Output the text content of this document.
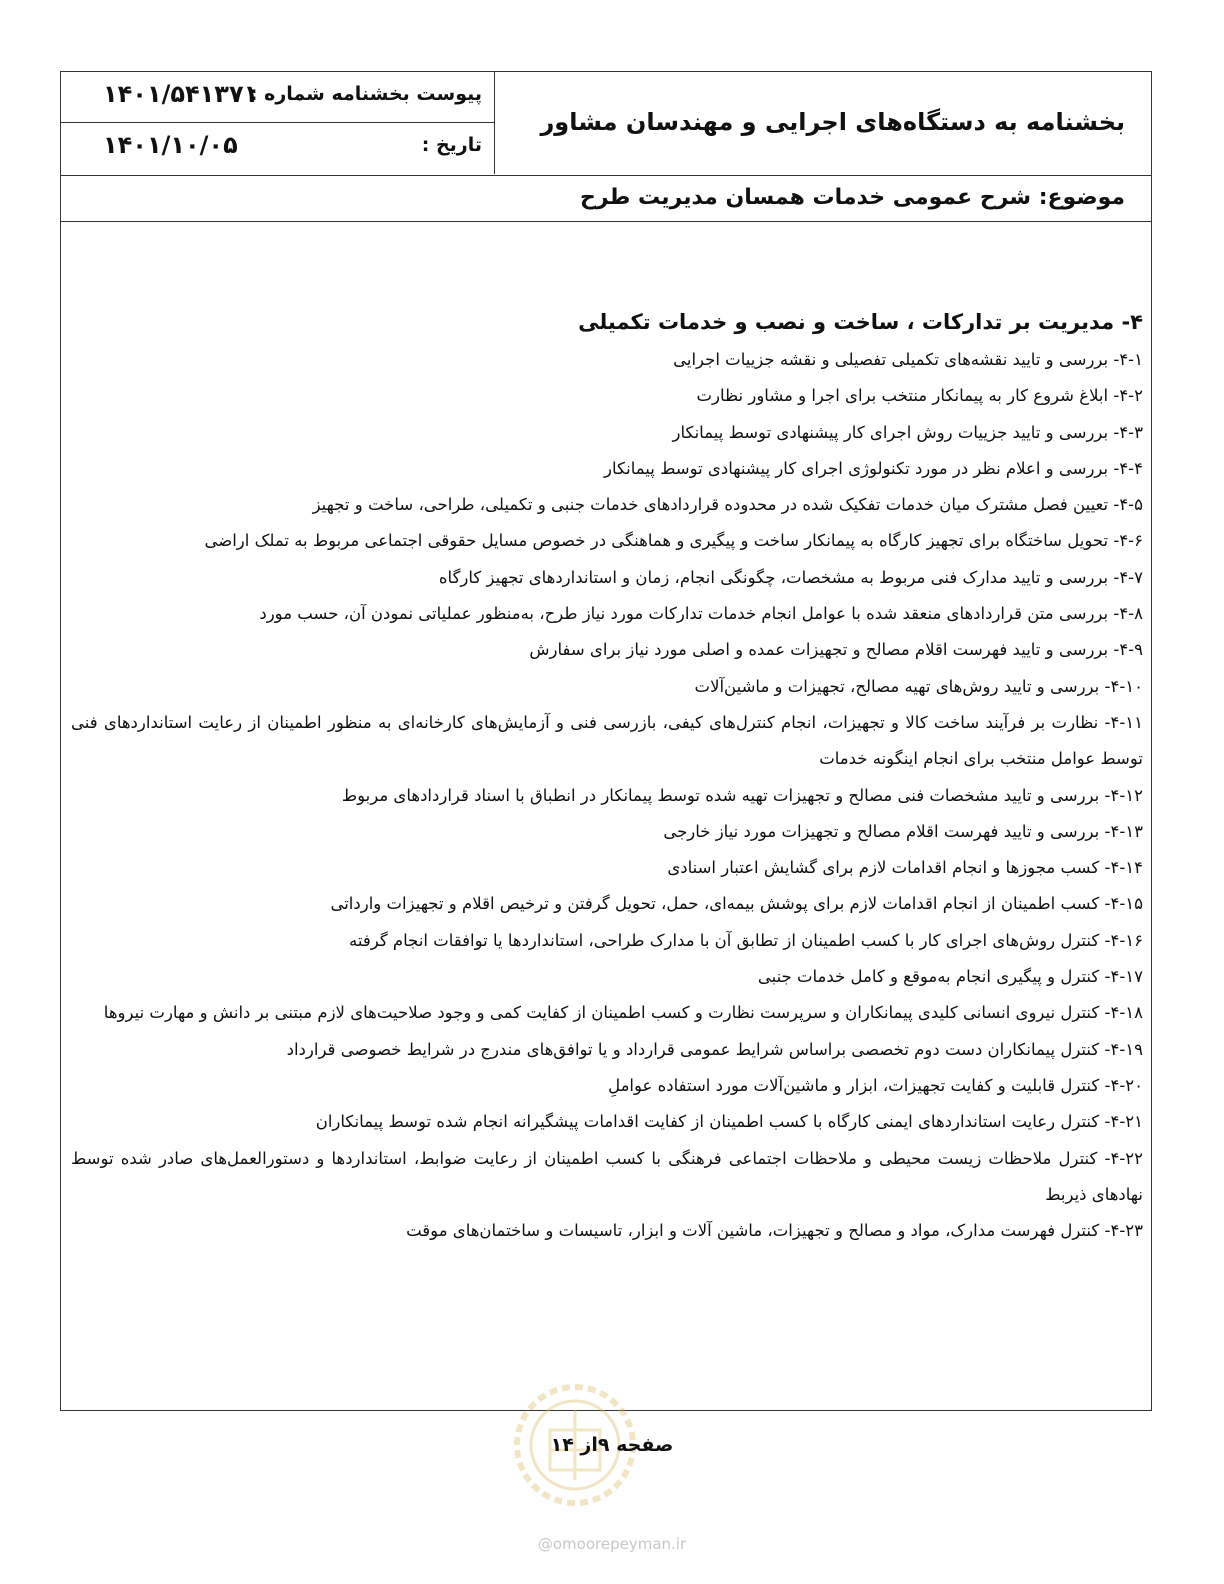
پیوست بخشنامه شماره :
۱۴۰۱/۵۴۱۳۷۱
تاریخ :
۱۴۰۱/۱۰/۰۵
بخشنامه به دستگاه‌های اجرایی و مهندسان مشاور
موضوع: شرح عمومی خدمات همسان مدیریت طرح
۴- مدیریت بر تدارکات ، ساخت و نصب و خدمات تکمیلی
۴-۱- بررسی و تایید نقشه‌های تکمیلی تفصیلی و نقشه جزییات اجرایی
۴-۲- ابلاغ شروع کار به پیمانکار منتخب برای اجرا و مشاور نظارت
۴-۳- بررسی و تایید جزییات روش اجرای کار پیشنهادی توسط پیمانکار
۴-۴- بررسی و اعلام نظر در مورد تکنولوژی اجرای کار پیشنهادی توسط پیمانکار
۴-۵- تعیین فصل مشترک میان خدمات تفکیک شده در محدوده قراردادهای خدمات جنبی و تکمیلی، طراحی، ساخت و تجهیز
۴-۶- تحویل ساختگاه برای تجهیز کارگاه به پیمانکار ساخت و پیگیری و هماهنگی در خصوص مسایل حقوقی اجتماعی مربوط به تملک اراضی
۴-۷- بررسی و تایید مدارک فنی مربوط به مشخصات، چگونگی انجام، زمان و استانداردهای تجهیز کارگاه
۴-۸- بررسی متن قراردادهای منعقد شده با عوامل انجام خدمات تدارکات مورد نیاز طرح، به‌منظور عملیاتی نمودن آن، حسب مورد
۴-۹- بررسی و تایید فهرست اقلام مصالح و تجهیزات عمده و اصلی مورد نیاز برای سفارش
۴-۱۰- بررسی و تایید روش‌های تهیه مصالح، تجهیزات و ماشین‌آلات
۴-۱۱- نظارت بر فرآیند ساخت کالا و تجهیزات، انجام کنترل‌های کیفی، بازرسی فنی و آزمایش‌های کارخانه‌ای به منظور اطمینان از رعایت استانداردهای فنی توسط عوامل منتخب برای انجام اینگونه خدمات
۴-۱۲- بررسی و تایید مشخصات فنی مصالح و تجهیزات تهیه شده توسط پیمانکار در انطباق با اسناد قراردادهای مربوط
۴-۱۳- بررسی و تایید فهرست اقلام مصالح و تجهیزات مورد نیاز خارجی
۴-۱۴- کسب مجوزها و انجام اقدامات لازم برای گشایش اعتبار اسنادی
۴-۱۵- کسب اطمینان از انجام اقدامات لازم برای پوشش بیمه‌ای، حمل، تحویل گرفتن و ترخیص اقلام و تجهیزات وارداتی
۴-۱۶- کنترل روش‌های اجرای کار با کسب اطمینان از تطابق آن با مدارک طراحی، استانداردها یا توافقات انجام گرفته
۴-۱۷- کنترل و پیگیری انجام به‌موقع و کامل خدمات جنبی
۴-۱۸- کنترل نیروی انسانی کلیدی پیمانکاران و سرپرست نظارت و کسب اطمینان از کفایت کمی و وجود صلاحیت‌های لازم مبتنی بر دانش و مهارت نیروها
۴-۱۹- کنترل پیمانکاران دست دوم تخصصی براساس شرایط عمومی قرارداد و یا توافق‌های مندرج در شرایط خصوصی قرارداد
۴-۲۰- کنترل قابلیت و کفایت تجهیزات، ابزار و ماشین‌آلات مورد استفاده عواملِ
۴-۲۱- کنترل رعایت استانداردهای ایمنی کارگاه با کسب اطمینان از کفایت اقدامات پیشگیرانه انجام شده توسط پیمانکاران
۴-۲۲- کنترل ملاحظات زیست محیطی و ملاحظات اجتماعی فرهنگی با کسب اطمینان از رعایت ضوابط، استانداردها و دستورالعمل‌های صادر شده توسط نهادهای ذیربط
۴-۲۳- کنترل فهرست مدارک، مواد و مصالح و تجهیزات، ماشین آلات و ابزار، تاسیسات و ساختمان‌های موقت
صفحه ۹از ۱۴
@omoorepeyman.ir
